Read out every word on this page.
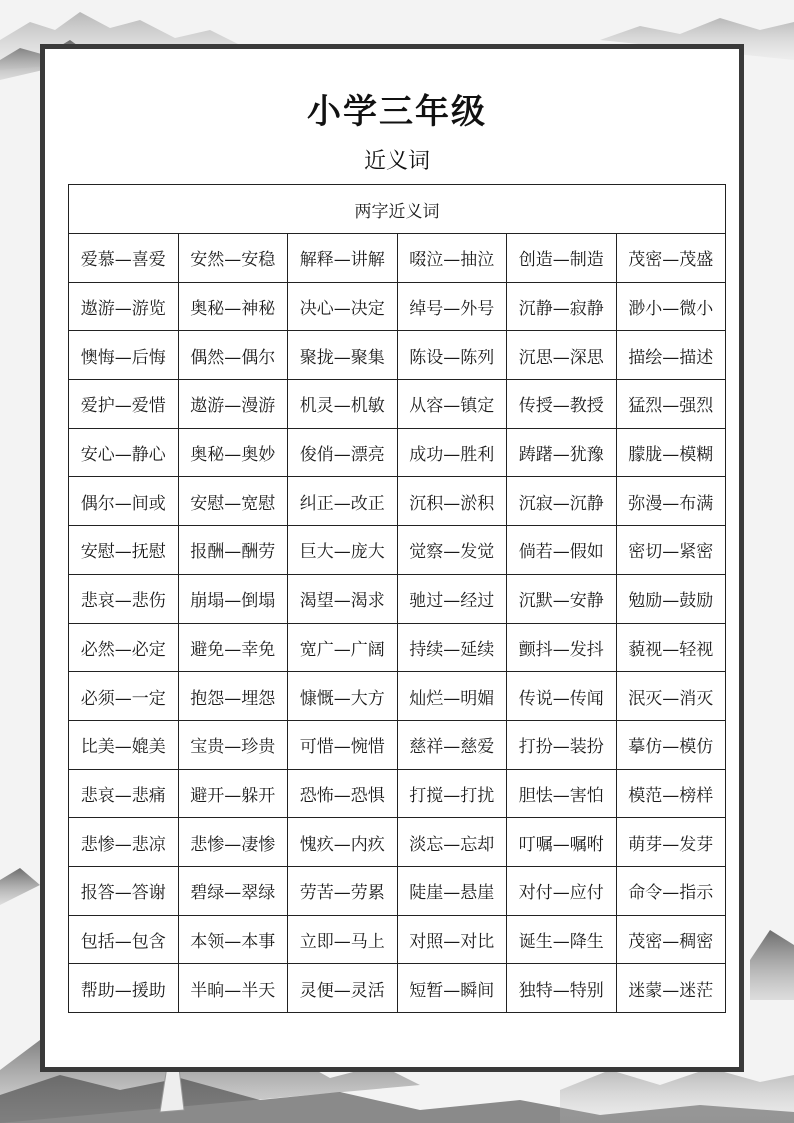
小学三年级
近义词
两字近义词					
爱慕—喜爱	安然—安稳	解释—讲解	啜泣—抽泣	创造—制造	茂密—茂盛
遨游—游览	奥秘—神秘	决心—决定	绰号—外号	沉静—寂静	渺小—微小
懊悔—后悔	偶然—偶尔	聚拢—聚集	陈设—陈列	沉思—深思	描绘—描述
爱护—爱惜	遨游—漫游	机灵—机敏	从容—镇定	传授—教授	猛烈—强烈
安心—静心	奥秘—奥妙	俊俏—漂亮	成功—胜利	踌躇—犹豫	朦胧—模糊
偶尔—间或	安慰—宽慰	纠正—改正	沉积—淤积	沉寂—沉静	弥漫—布满
安慰—抚慰	报酬—酬劳	巨大—庞大	觉察—发觉	倘若—假如	密切—紧密
悲哀—悲伤	崩塌—倒塌	渴望—渴求	驰过—经过	沉默—安静	勉励—鼓励
必然—必定	避免—幸免	宽广—广阔	持续—延续	颤抖—发抖	藐视—轻视
必须—一定	抱怨—埋怨	慷慨—大方	灿烂—明媚	传说—传闻	泯灭—消灭
比美—媲美	宝贵—珍贵	可惜—惋惜	慈祥—慈爱	打扮—装扮	摹仿—模仿
悲哀—悲痛	避开—躲开	恐怖—恐惧	打搅—打扰	胆怯—害怕	模范—榜样
悲惨—悲凉	悲惨—凄惨	愧疚—内疚	淡忘—忘却	叮嘱—嘱咐	萌芽—发芽
报答—答谢	碧绿—翠绿	劳苦—劳累	陡崖—悬崖	对付—应付	命令—指示
包括—包含	本领—本事	立即—马上	对照—对比	诞生—降生	茂密—稠密
帮助—援助	半晌—半天	灵便—灵活	短暂—瞬间	独特—特别	迷蒙—迷茫
